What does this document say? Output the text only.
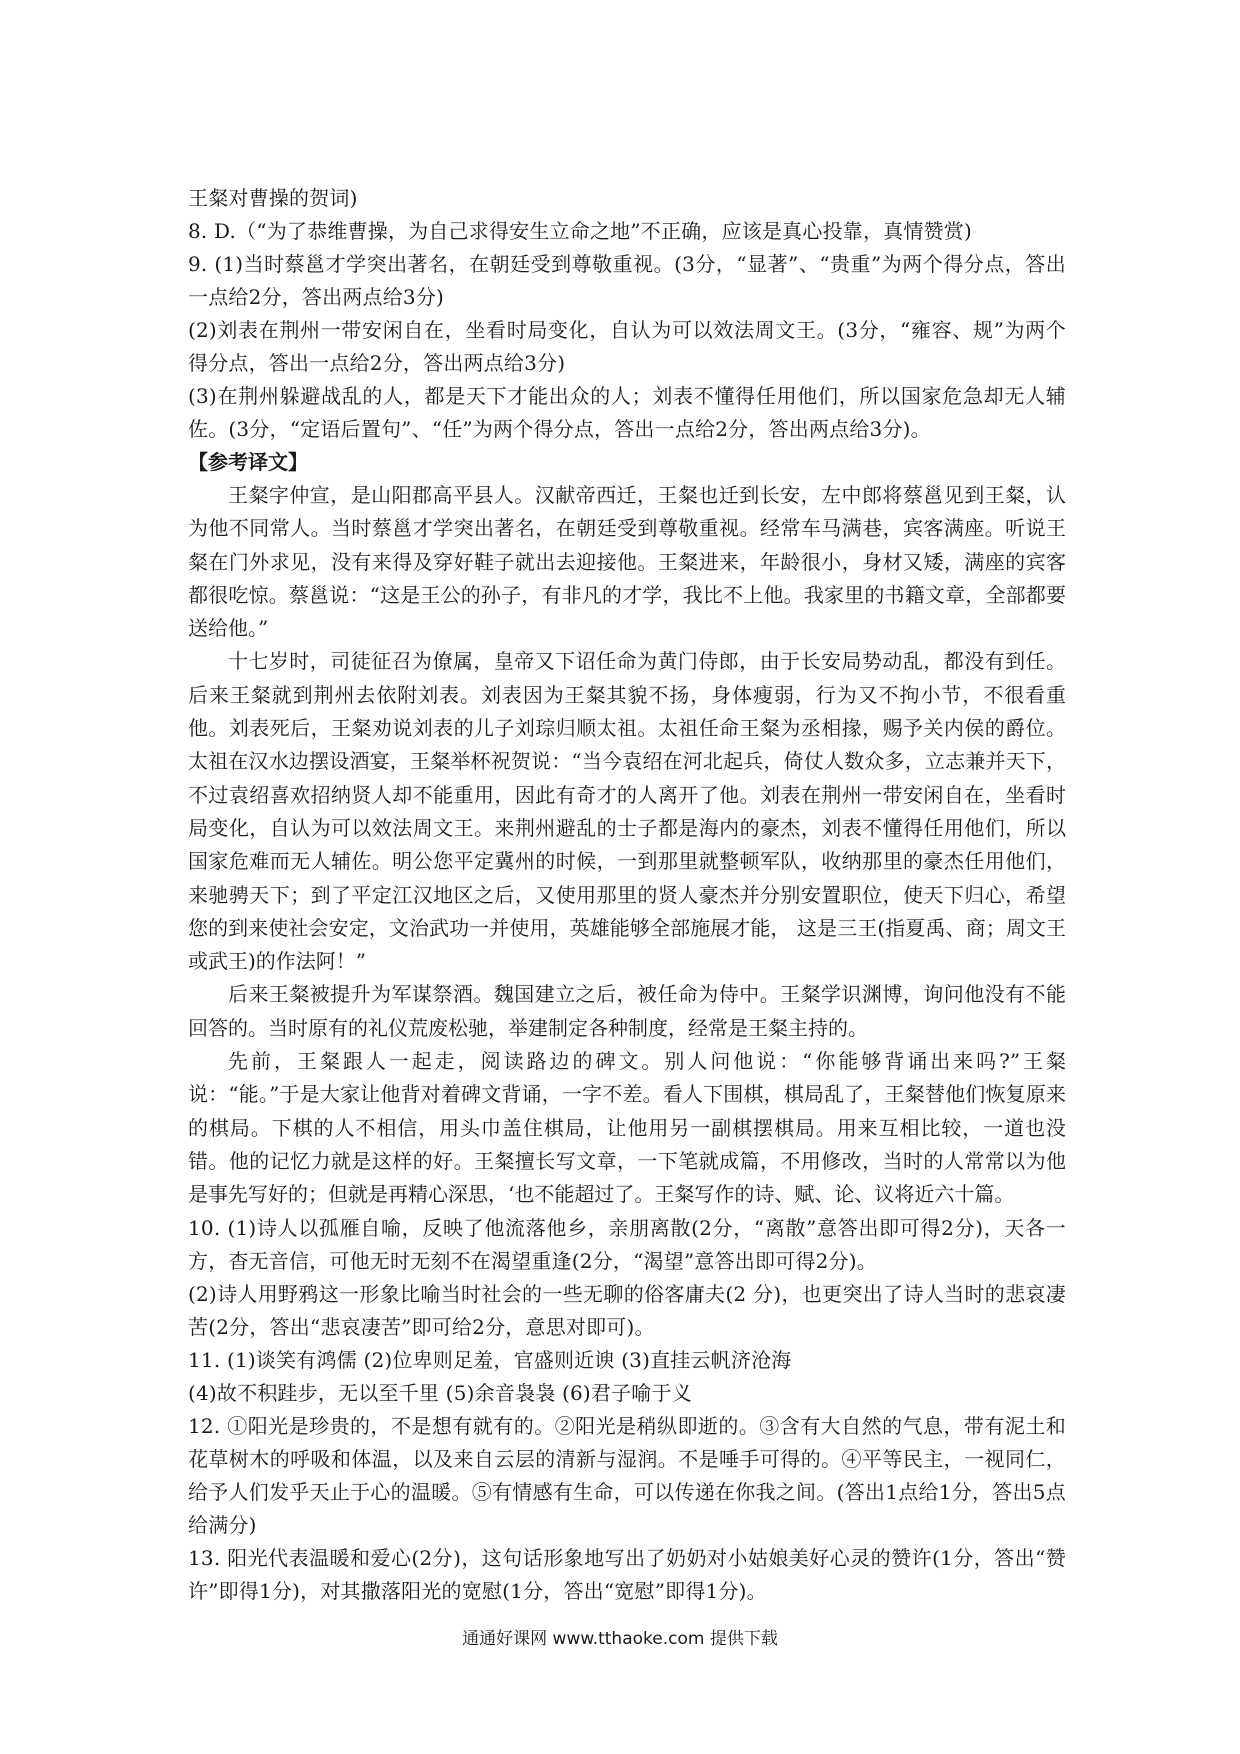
王粲对曹操的贺词)

8. D.（“为了恭维曹操，为自己求得安生立命之地”不正确，应该是真心投靠，真情赞赏)

9. (1)当时蔡邕才学突出著名，在朝廷受到尊敬重视。(3分，“显著”、“贵重”为两个得分点，答出一点给2分，答出两点给3分)

(2)刘表在荆州一带安闲自在，坐看时局变化，自认为可以效法周文王。(3分，“雍容、规”为两个得分点，答出一点给2分，答出两点给3分)

(3)在荆州躲避战乱的人，都是天下才能出众的人；刘表不懂得任用他们，所以国家危急却无人辅佐。(3分，“定语后置句”、“任”为两个得分点，答出一点给2分，答出两点给3分)。

【参考译文】

王粲字仲宣，是山阳郡高平县人。汉献帝西迁，王粲也迁到长安，左中郎将蔡邕见到王粲，认为他不同常人。当时蔡邕才学突出著名，在朝廷受到尊敬重视。经常车马满巷，宾客满座。听说王粲在门外求见，没有来得及穿好鞋子就出去迎接他。王粲进来，年龄很小，身材又矮，满座的宾客都很吃惊。蔡邕说：“这是王公的孙子，有非凡的才学，我比不上他。我家里的书籍文章，全部都要送给他。”

十七岁时，司徒征召为僚属，皇帝又下诏任命为黄门侍郎，由于长安局势动乱，都没有到任。后来王粲就到荆州去依附刘表。刘表因为王粲其貌不扬，身体瘦弱，行为又不拘小节，不很看重他。刘表死后，王粲劝说刘表的儿子刘琮归顺太祖。太祖任命王粲为丞相掾，赐予关内侯的爵位。太祖在汉水边摆设酒宴，王粲举杯祝贺说：“当今袁绍在河北起兵，倚仗人数众多，立志兼并天下，不过袁绍喜欢招纳贤人却不能重用，因此有奇才的人离开了他。刘表在荆州一带安闲自在，坐看时局变化，自认为可以效法周文王。来荆州避乱的士子都是海内的豪杰，刘表不懂得任用他们，所以国家危难而无人辅佐。明公您平定冀州的时候，一到那里就整顿军队，收纳那里的豪杰任用他们，来驰骋天下；到了平定江汉地区之后，又使用那里的贤人豪杰并分别安置职位，使天下归心，希望您的到来使社会安定，文治武功一并使用，英雄能够全部施展才能， 这是三王(指夏禹、商；周文王或武王)的作法阿！”

后来王粲被提升为军谋祭酒。魏国建立之后，被任命为侍中。王粲学识渊博，询问他没有不能回答的。当时原有的礼仪荒废松驰，举建制定各种制度，经常是王粲主持的。

先前，王粲跟人一起走，阅读路边的碑文。别人问他说：“你能够背诵出来吗?”王粲说：“能。”于是大家让他背对着碑文背诵，一字不差。看人下围棋，棋局乱了，王粲替他们恢复原来的棋局。下棋的人不相信，用头巾盖住棋局，让他用另一副棋摆棋局。用来互相比较，一道也没错。他的记忆力就是这样的好。王粲擅长写文章，一下笔就成篇，不用修改，当时的人常常以为他是事先写好的；但就是再精心深思，‘也不能超过了。王粲写作的诗、赋、论、议将近六十篇。

10. (1)诗人以孤雁自喻，反映了他流落他乡，亲朋离散(2分，“离散”意答出即可得2分)，天各一方，杳无音信，可他无时无刻不在渴望重逢(2分，“渴望”意答出即可得2分)。

(2)诗人用野鸦这一形象比喻当时社会的一些无聊的俗客庸夫(2 分)，也更突出了诗人当时的悲哀凄苦(2分，答出“悲哀凄苦”即可给2分，意思对即可)。

11. (1)谈笑有鸿儒 (2)位卑则足羞，官盛则近谀 (3)直挂云帆济沧海

(4)故不积跬步，无以至千里 (5)余音袅袅 (6)君子喻于义

12. ①阳光是珍贵的，不是想有就有的。②阳光是稍纵即逝的。③含有大自然的气息，带有泥土和花草树木的呼吸和体温，以及来自云层的清新与湿润。不是唾手可得的。④平等民主，一视同仁，给予人们发乎天止于心的温暖。⑤有情感有生命，可以传递在你我之间。(答出1点给1分，答出5点给满分)

13. 阳光代表温暖和爱心(2分)，这句话形象地写出了奶奶对小姑娘美好心灵的赞许(1分，答出“赞许”即得1分)，对其撒落阳光的宽慰(1分，答出“宽慰”即得1分)。

通通好课网 www.tthaoke.com 提供下载
